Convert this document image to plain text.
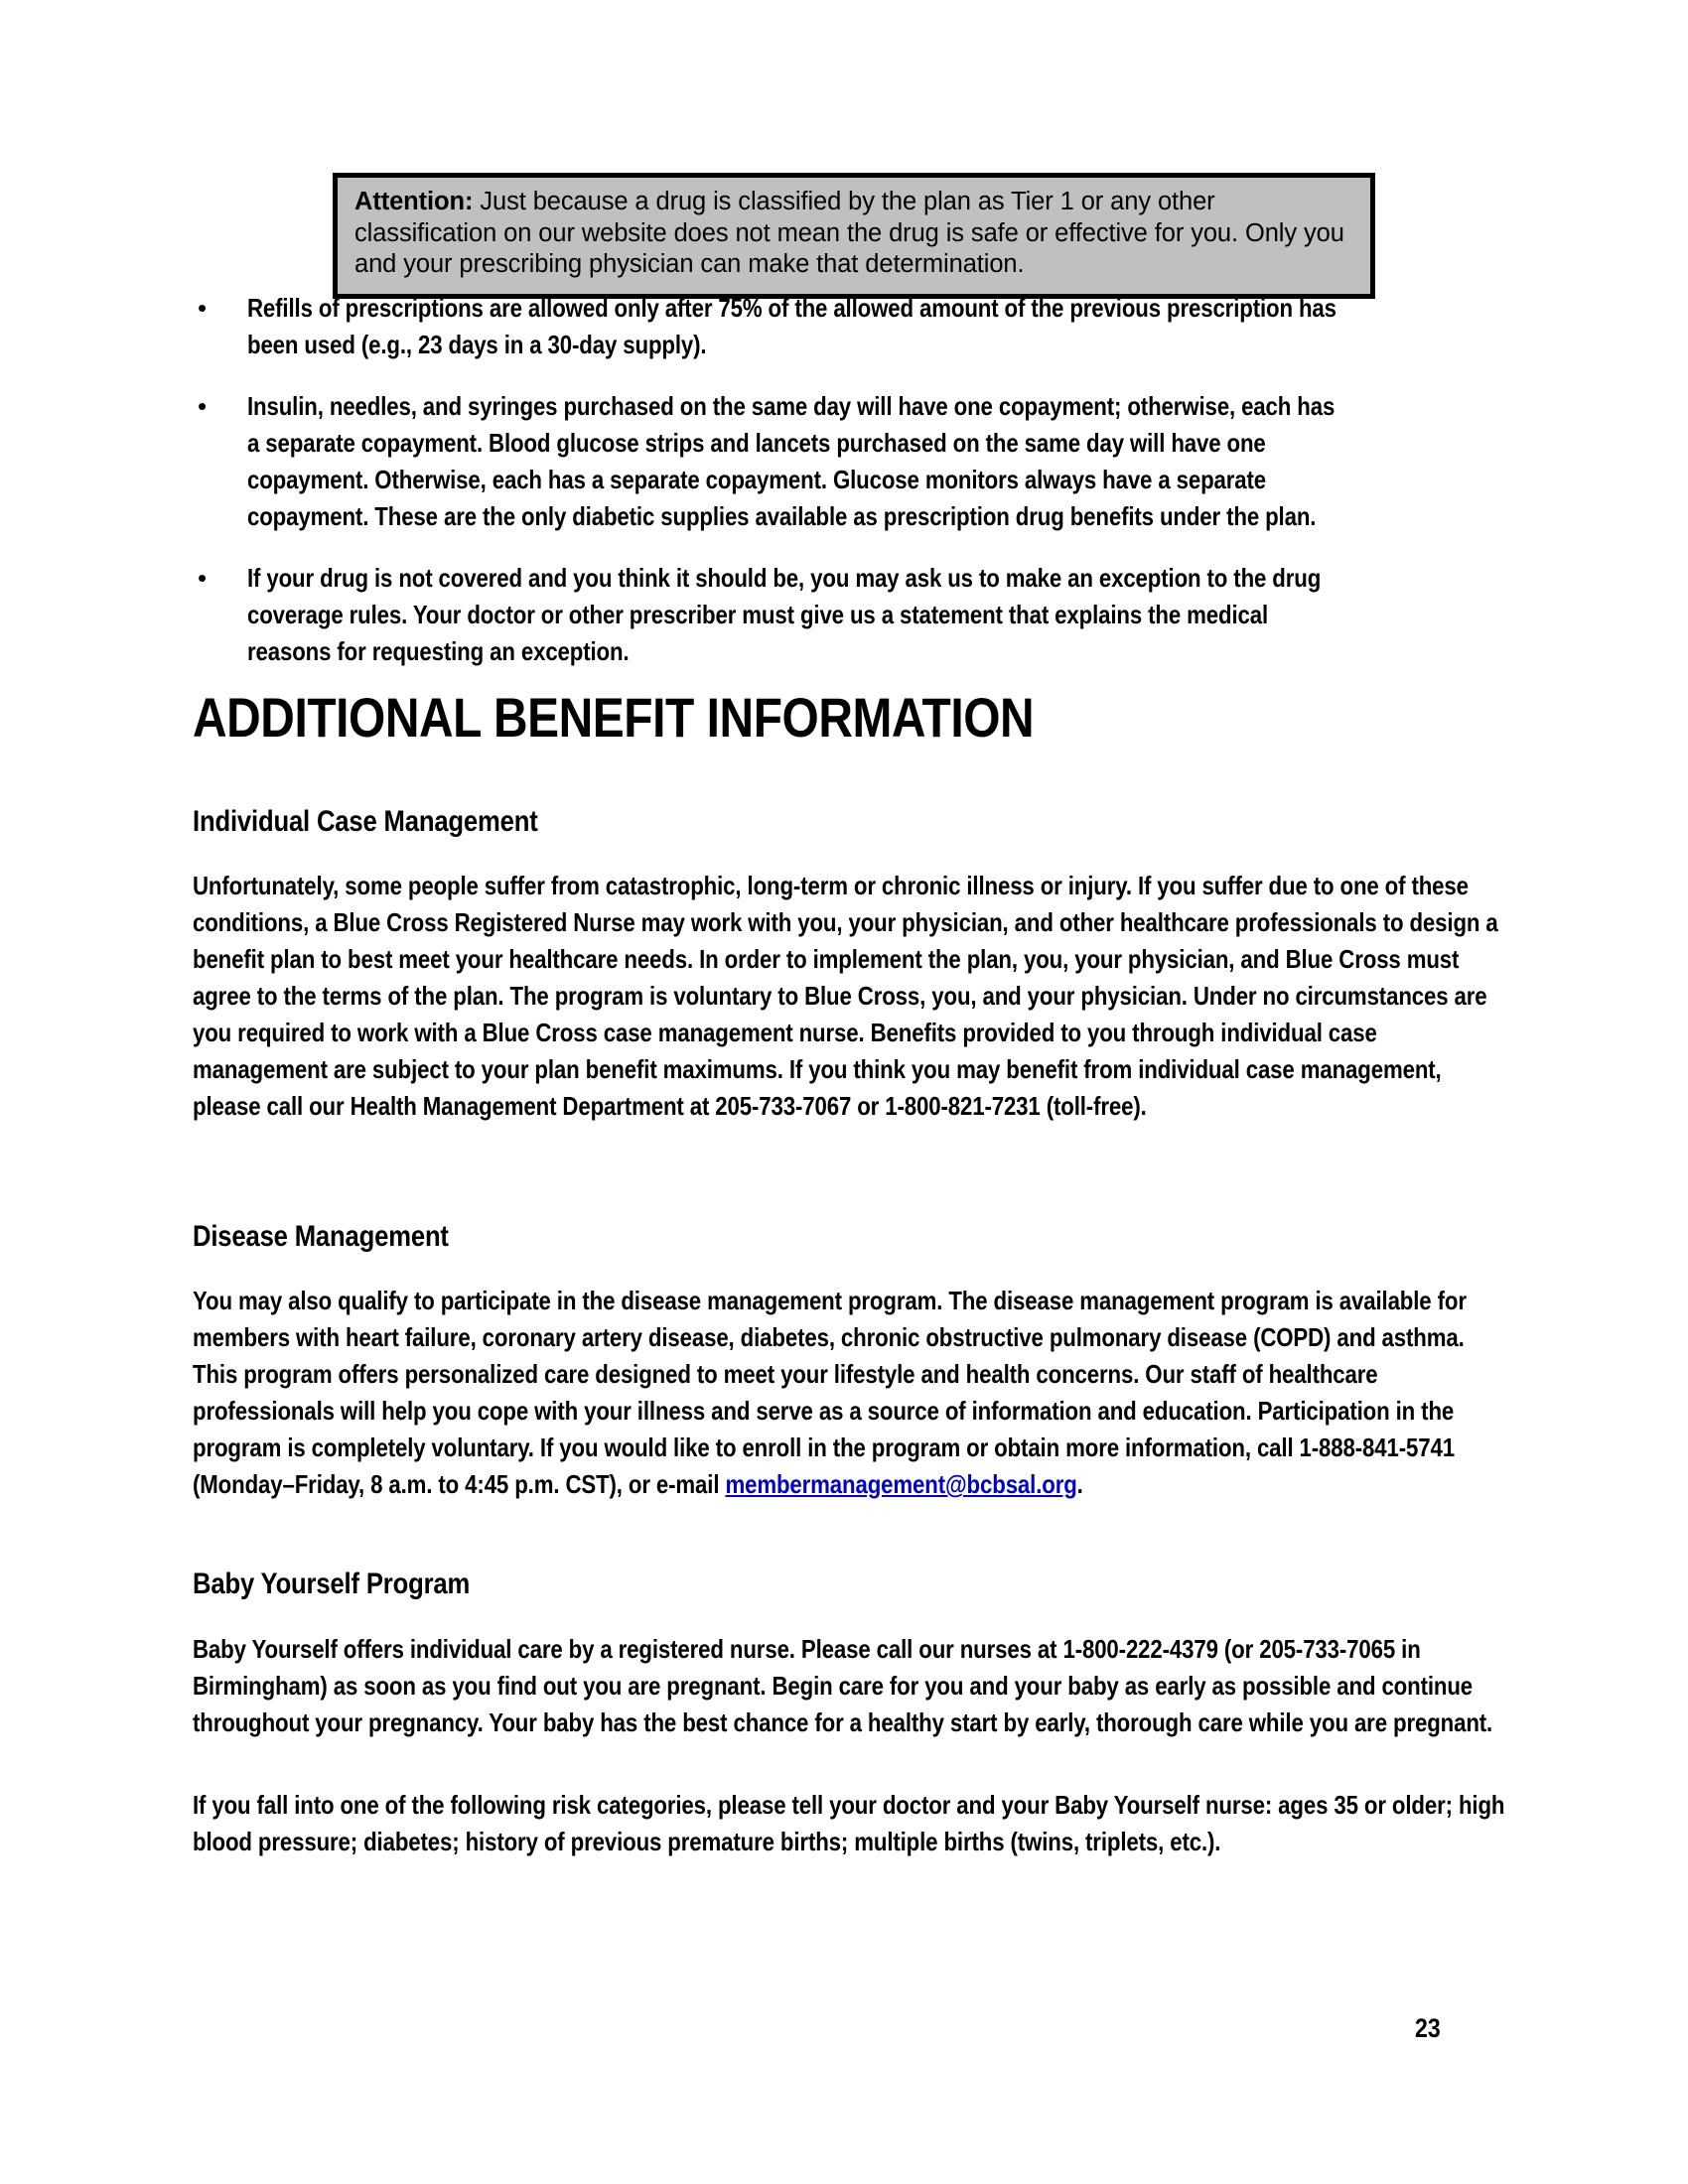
Attention: Just because a drug is classified by the plan as Tier 1 or any other classification on our website does not mean the drug is safe or effective for you. Only you and your prescribing physician can make that determination.

•	Refills of prescriptions are allowed only after 75% of the allowed amount of the previous prescription has been used (e.g., 23 days in a 30-day supply).
•	Insulin, needles, and syringes purchased on the same day will have one copayment; otherwise, each has a separate copayment. Blood glucose strips and lancets purchased on the same day will have one copayment. Otherwise, each has a separate copayment. Glucose monitors always have a separate copayment. These are the only diabetic supplies available as prescription drug benefits under the plan.
•	If your drug is not covered and you think it should be, you may ask us to make an exception to the drug coverage rules. Your doctor or other prescriber must give us a statement that explains the medical reasons for requesting an exception.
ADDITIONAL BENEFIT INFORMATION
Individual Case Management
Unfortunately, some people suffer from catastrophic, long-term or chronic illness or injury. If you suffer due to one of these conditions, a Blue Cross Registered Nurse may work with you, your physician, and other healthcare professionals to design a benefit plan to best meet your healthcare needs. In order to implement the plan, you, your physician, and Blue Cross must agree to the terms of the plan. The program is voluntary to Blue Cross, you, and your physician. Under no circumstances are you required to work with a Blue Cross case management nurse. Benefits provided to you through individual case management are subject to your plan benefit maximums. If you think you may benefit from individual case management, please call our Health Management Department at 205-733-7067 or 1-800-821-7231 (toll-free).
Disease Management
You may also qualify to participate in the disease management program. The disease management program is available for members with heart failure, coronary artery disease, diabetes, chronic obstructive pulmonary disease (COPD) and asthma. This program offers personalized care designed to meet your lifestyle and health concerns. Our staff of healthcare professionals will help you cope with your illness and serve as a source of information and education. Participation in the program is completely voluntary. If you would like to enroll in the program or obtain more information, call 1-888-841-5741 (Monday–Friday, 8 a.m. to 4:45 p.m. CST), or e-mail membermanagement@bcbsal.org.
Baby Yourself Program
Baby Yourself offers individual care by a registered nurse. Please call our nurses at 1-800-222-4379 (or 205-733-7065 in Birmingham) as soon as you find out you are pregnant. Begin care for you and your baby as early as possible and continue throughout your pregnancy. Your baby has the best chance for a healthy start by early, thorough care while you are pregnant.
If you fall into one of the following risk categories, please tell your doctor and your Baby Yourself nurse: ages 35 or older; high blood pressure; diabetes; history of previous premature births; multiple births (twins, triplets, etc.).
23
